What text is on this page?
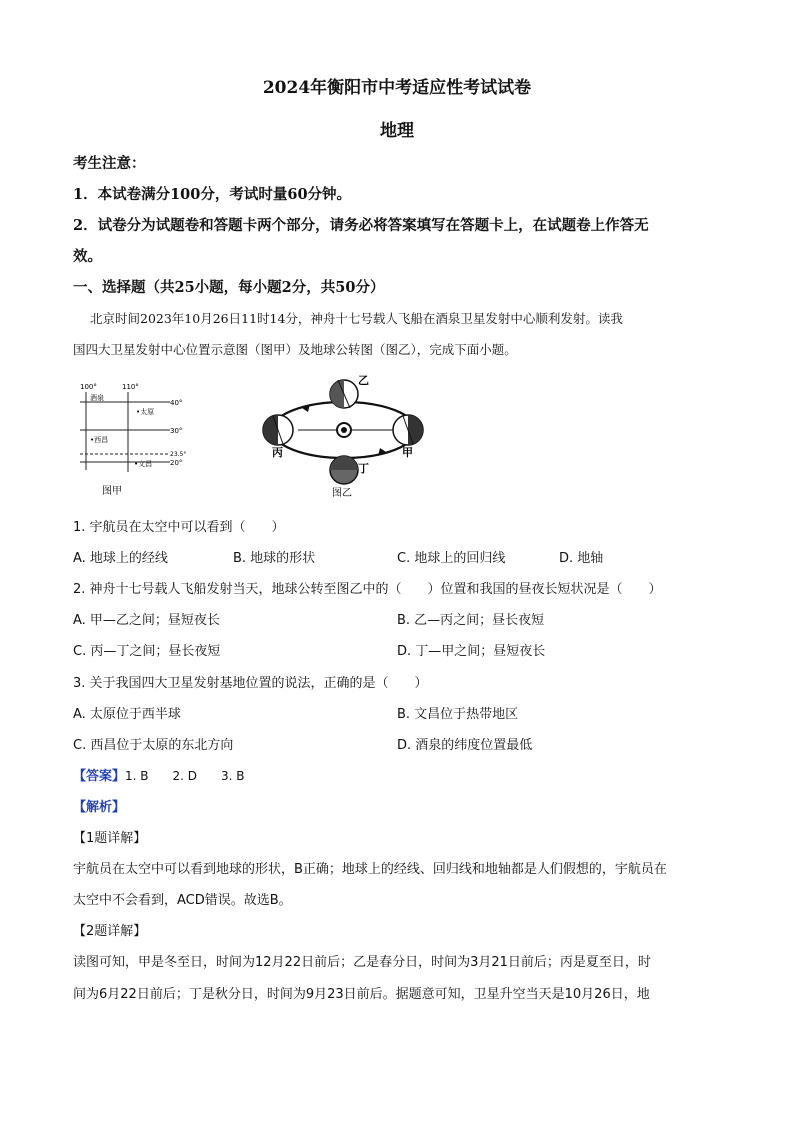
2024年衡阳市中考适应性考试试卷
地理
考生注意：
1．本试卷满分100分，考试时量60分钟。
2．试卷分为试题卷和答题卡两个部分，请务必将答案填写在答题卡上，在试题卷上作答无
效。
一、选择题（共25小题，每小题2分，共50分）
北京时间2023年10月26日11时14分，神舟十七号载人飞船在酒泉卫星发射中心顺利发射。读我
国四大卫星发射中心位置示意图（图甲）及地球公转图（图乙），完成下面小题。
100°	110°
40°
30°
23.5°
20°
酒泉
•太原
•西昌
•文昌
图甲
乙
甲
丙
丁
图乙
1. 宇航员在太空中可以看到（　　）
A. 地球上的经线	B. 地球的形状	C. 地球上的回归线	D. 地轴
2. 神舟十七号载人飞船发射当天，地球公转至图乙中的（　　）位置和我国的昼夜长短状况是（　　）
A. 甲—乙之间；昼短夜长	B. 乙—丙之间；昼长夜短
C. 丙—丁之间；昼长夜短	D. 丁—甲之间；昼短夜长
3. 关于我国四大卫星发射基地位置的说法，正确的是（　　）
A. 太原位于西半球	B. 文昌位于热带地区
C. 西昌位于太原的东北方向	D. 酒泉的纬度位置最低
【答案】1. B　　2. D　　3. B
【解析】
【1题详解】
宇航员在太空中可以看到地球的形状，B正确；地球上的经线、回归线和地轴都是人们假想的，宇航员在
太空中不会看到，ACD错误。故选B。
【2题详解】
读图可知，甲是冬至日，时间为12月22日前后；乙是春分日，时间为3月21日前后；丙是夏至日，时
间为6月22日前后；丁是秋分日，时间为9月23日前后。据题意可知，卫星升空当天是10月26日，地
